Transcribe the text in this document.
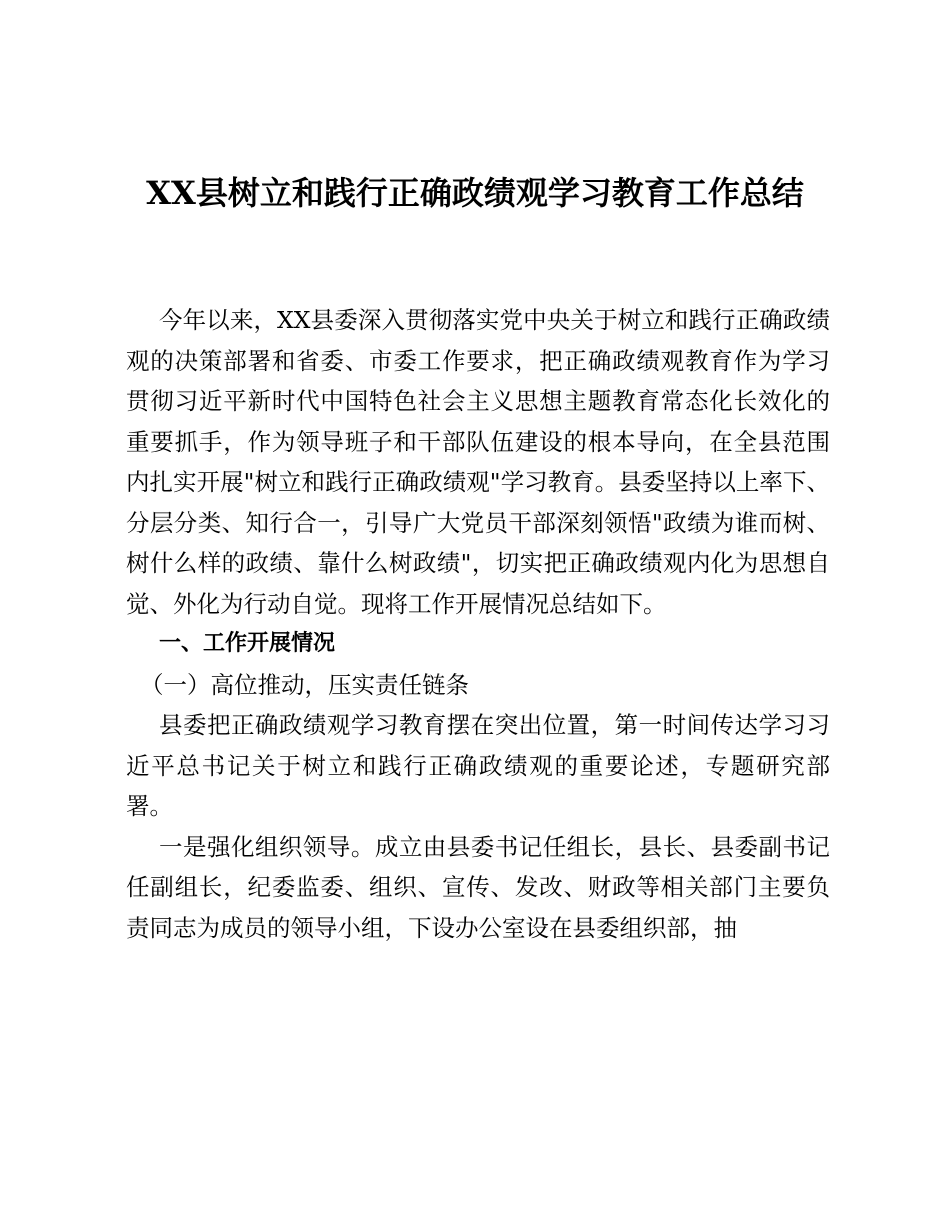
XX县树立和践行正确政绩观学习教育工作总结

今年以来，XX县委深入贯彻落实党中央关于树立和践行正确政绩观的决策部署和省委、市委工作要求，把正确政绩观教育作为学习贯彻习近平新时代中国特色社会主义思想主题教育常态化长效化的重要抓手，作为领导班子和干部队伍建设的根本导向，在全县范围内扎实开展"树立和践行正确政绩观"学习教育。县委坚持以上率下、分层分类、知行合一，引导广大党员干部深刻领悟"政绩为谁而树、树什么样的政绩、靠什么树政绩"，切实把正确政绩观内化为思想自觉、外化为行动自觉。现将工作开展情况总结如下。

一、工作开展情况

（一）高位推动，压实责任链条

县委把正确政绩观学习教育摆在突出位置，第一时间传达学习习近平总书记关于树立和践行正确政绩观的重要论述，专题研究部署。

一是强化组织领导。成立由县委书记任组长，县长、县委副书记任副组长，纪委监委、组织、宣传、发改、财政等相关部门主要负责同志为成员的领导小组，下设办公室设在县委组织部，抽
